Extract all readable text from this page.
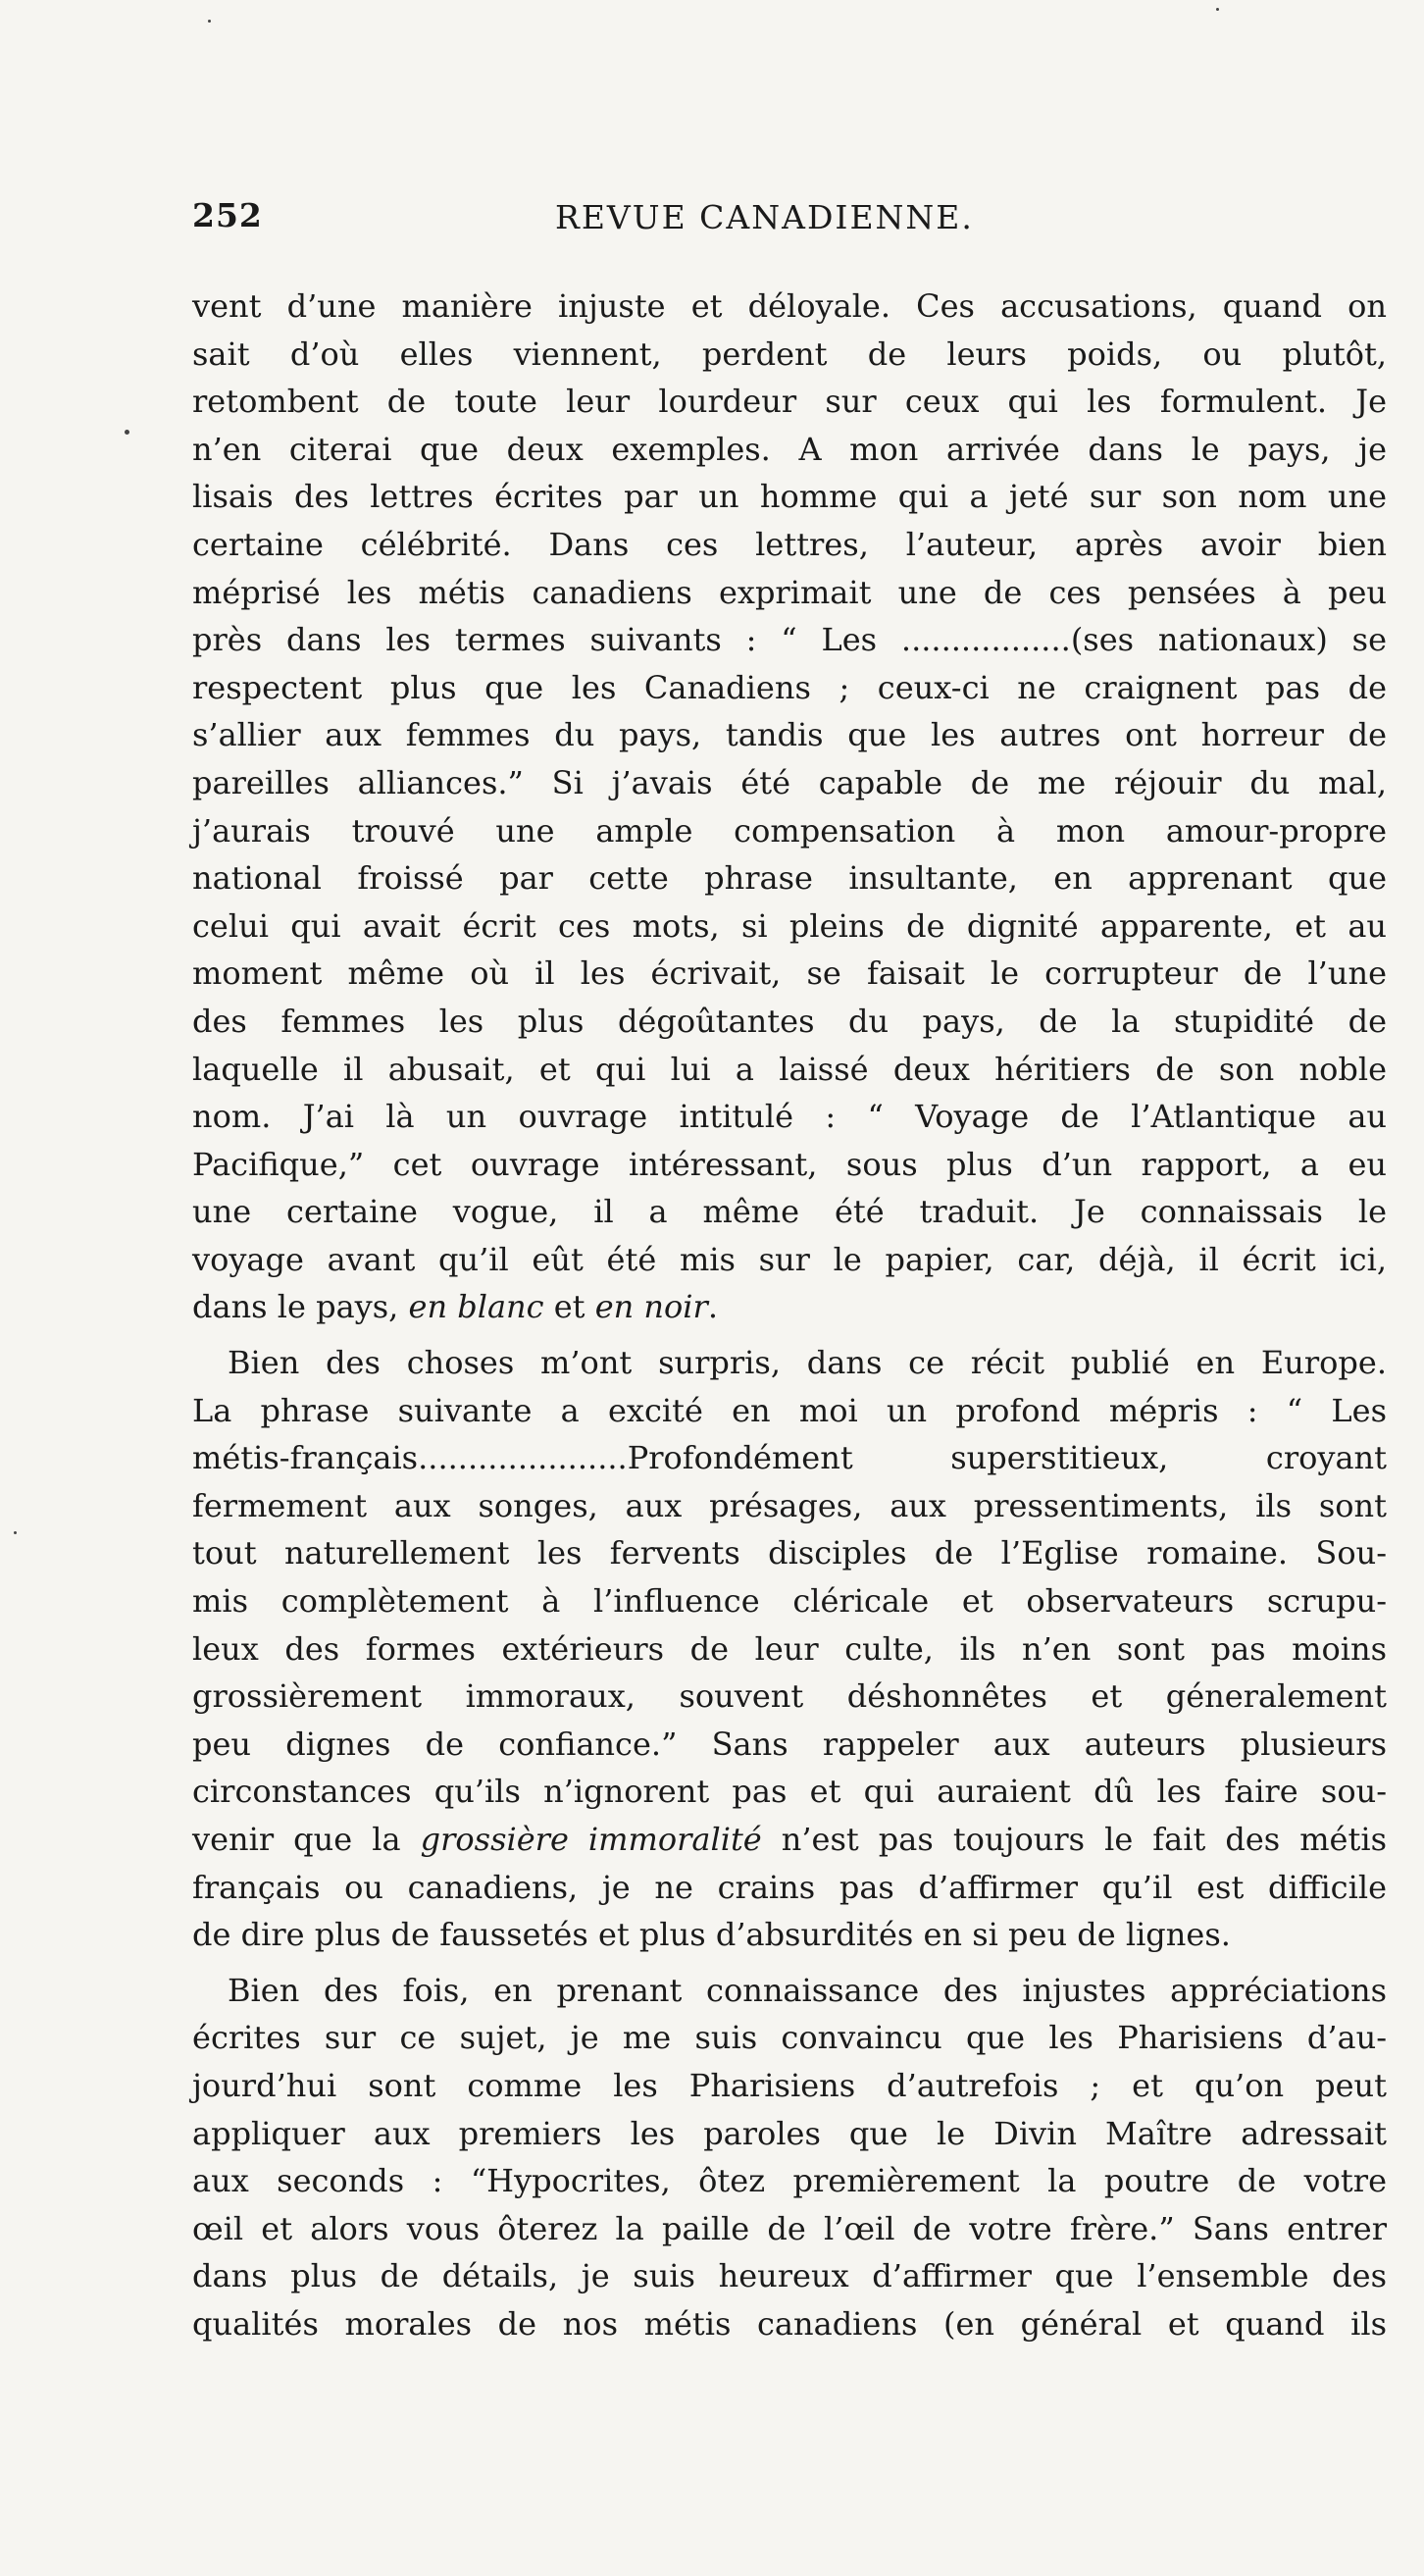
252	REVUE CANADIENNE.

vent d’une manière injuste et déloyale. Ces accusations, quand on
sait d’où elles viennent, perdent de leurs poids, ou plutôt,
retombent de toute leur lourdeur sur ceux qui les formulent. Je
n’en citerai que deux exemples. A mon arrivée dans le pays, je
lisais des lettres écrites par un homme qui a jeté sur son nom une
certaine célébrité. Dans ces lettres, l’auteur, après avoir bien
méprisé les métis canadiens exprimait une de ces pensées à peu
près dans les termes suivants : “ Les .................(ses nationaux) se
respectent plus que les Canadiens ; ceux-ci ne craignent pas de
s’allier aux femmes du pays, tandis que les autres ont horreur de
pareilles alliances.” Si j’avais été capable de me réjouir du mal,
j’aurais trouvé une ample compensation à mon amour-propre
national froissé par cette phrase insultante, en apprenant que
celui qui avait écrit ces mots, si pleins de dignité apparente, et au
moment même où il les écrivait, se faisait le corrupteur de l’une
des femmes les plus dégoûtantes du pays, de la stupidité de
laquelle il abusait, et qui lui a laissé deux héritiers de son noble
nom. J’ai là un ouvrage intitulé : “ Voyage de l’Atlantique au
Pacifique,” cet ouvrage intéressant, sous plus d’un rapport, a eu
une certaine vogue, il a même été traduit. Je connaissais le
voyage avant qu’il eût été mis sur le papier, car, déjà, il écrit ici,
dans le pays, en blanc et en noir.

Bien des choses m’ont surpris, dans ce récit publié en Europe.
La phrase suivante a excité en moi un profond mépris : “ Les
métis-français.....................Profondément superstitieux, croyant
fermement aux songes, aux présages, aux pressentiments, ils sont
tout naturellement les fervents disciples de l’Eglise romaine. Sou-
mis complètement à l’influence cléricale et observateurs scrupu-
leux des formes extérieurs de leur culte, ils n’en sont pas moins
grossièrement immoraux, souvent déshonnêtes et géneralement
peu dignes de confiance.” Sans rappeler aux auteurs plusieurs
circonstances qu’ils n’ignorent pas et qui auraient dû les faire sou-
venir que la grossière immoralité n’est pas toujours le fait des métis
français ou canadiens, je ne crains pas d’affirmer qu’il est difficile
de dire plus de faussetés et plus d’absurdités en si peu de lignes.

Bien des fois, en prenant connaissance des injustes appréciations
écrites sur ce sujet, je me suis convaincu que les Pharisiens d’au-
jourd’hui sont comme les Pharisiens d’autrefois ; et qu’on peut
appliquer aux premiers les paroles que le Divin Maître adressait
aux seconds : “Hypocrites, ôtez premièrement la poutre de votre
œil et alors vous ôterez la paille de l’œil de votre frère.” Sans entrer
dans plus de détails, je suis heureux d’affirmer que l’ensemble des
qualités morales de nos métis canadiens (en général et quand ils
